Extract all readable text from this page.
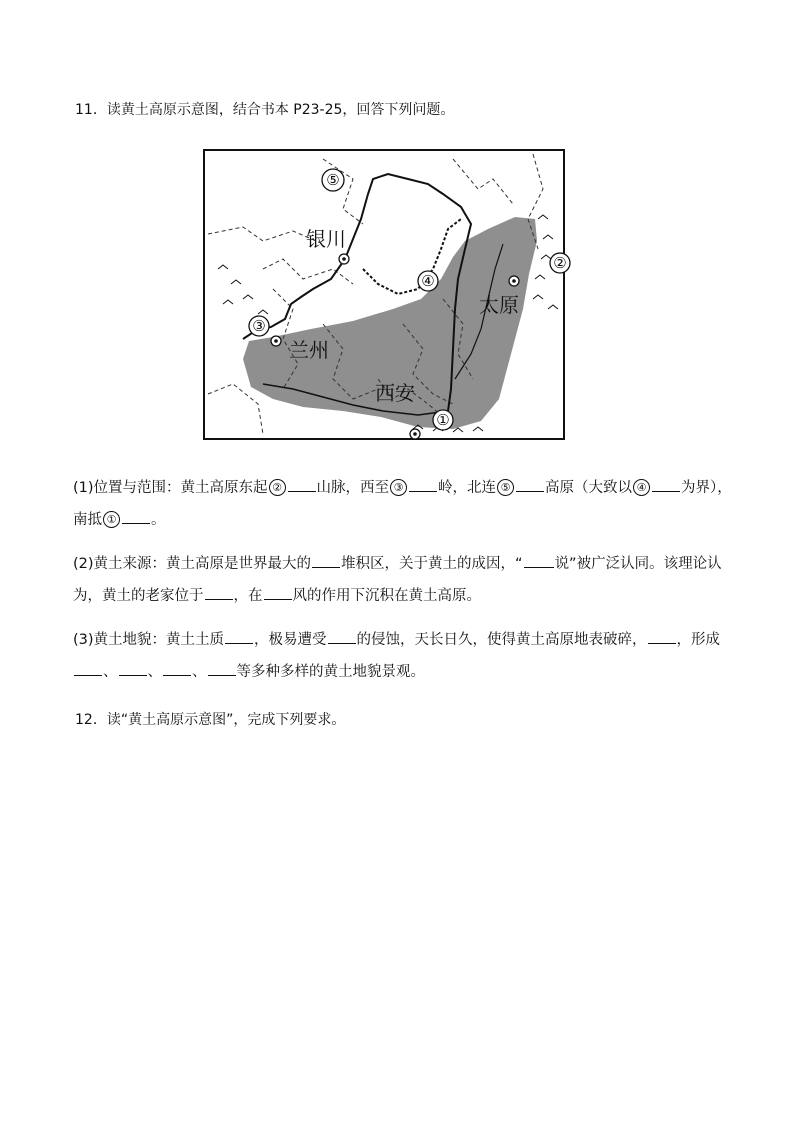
11．读黄土高原示意图，结合书本 P23-25，回答下列问题。
银川
兰州
西安
太原
⑤
④
③
②
①
(1)位置与范围：黄土高原东起 ② 山脉，西至 ③ 岭，北连 ⑤ 高原（大致以 ④ 为界），南抵 ① 。
(2)黄土来源：黄土高原是世界最大的 堆积区，关于黄土的成因，“ 说”被广泛认同。该理论认为，黄土的老家位于 ，在 风的作用下沉积在黄土高原。
(3)黄土地貌：黄土土质 ，极易遭受 的侵蚀，天长日久，使得黄土高原地表破碎， ，形成、 、 、 等多种多样的黄土地貌景观。
12．读“黄土高原示意图”，完成下列要求。
